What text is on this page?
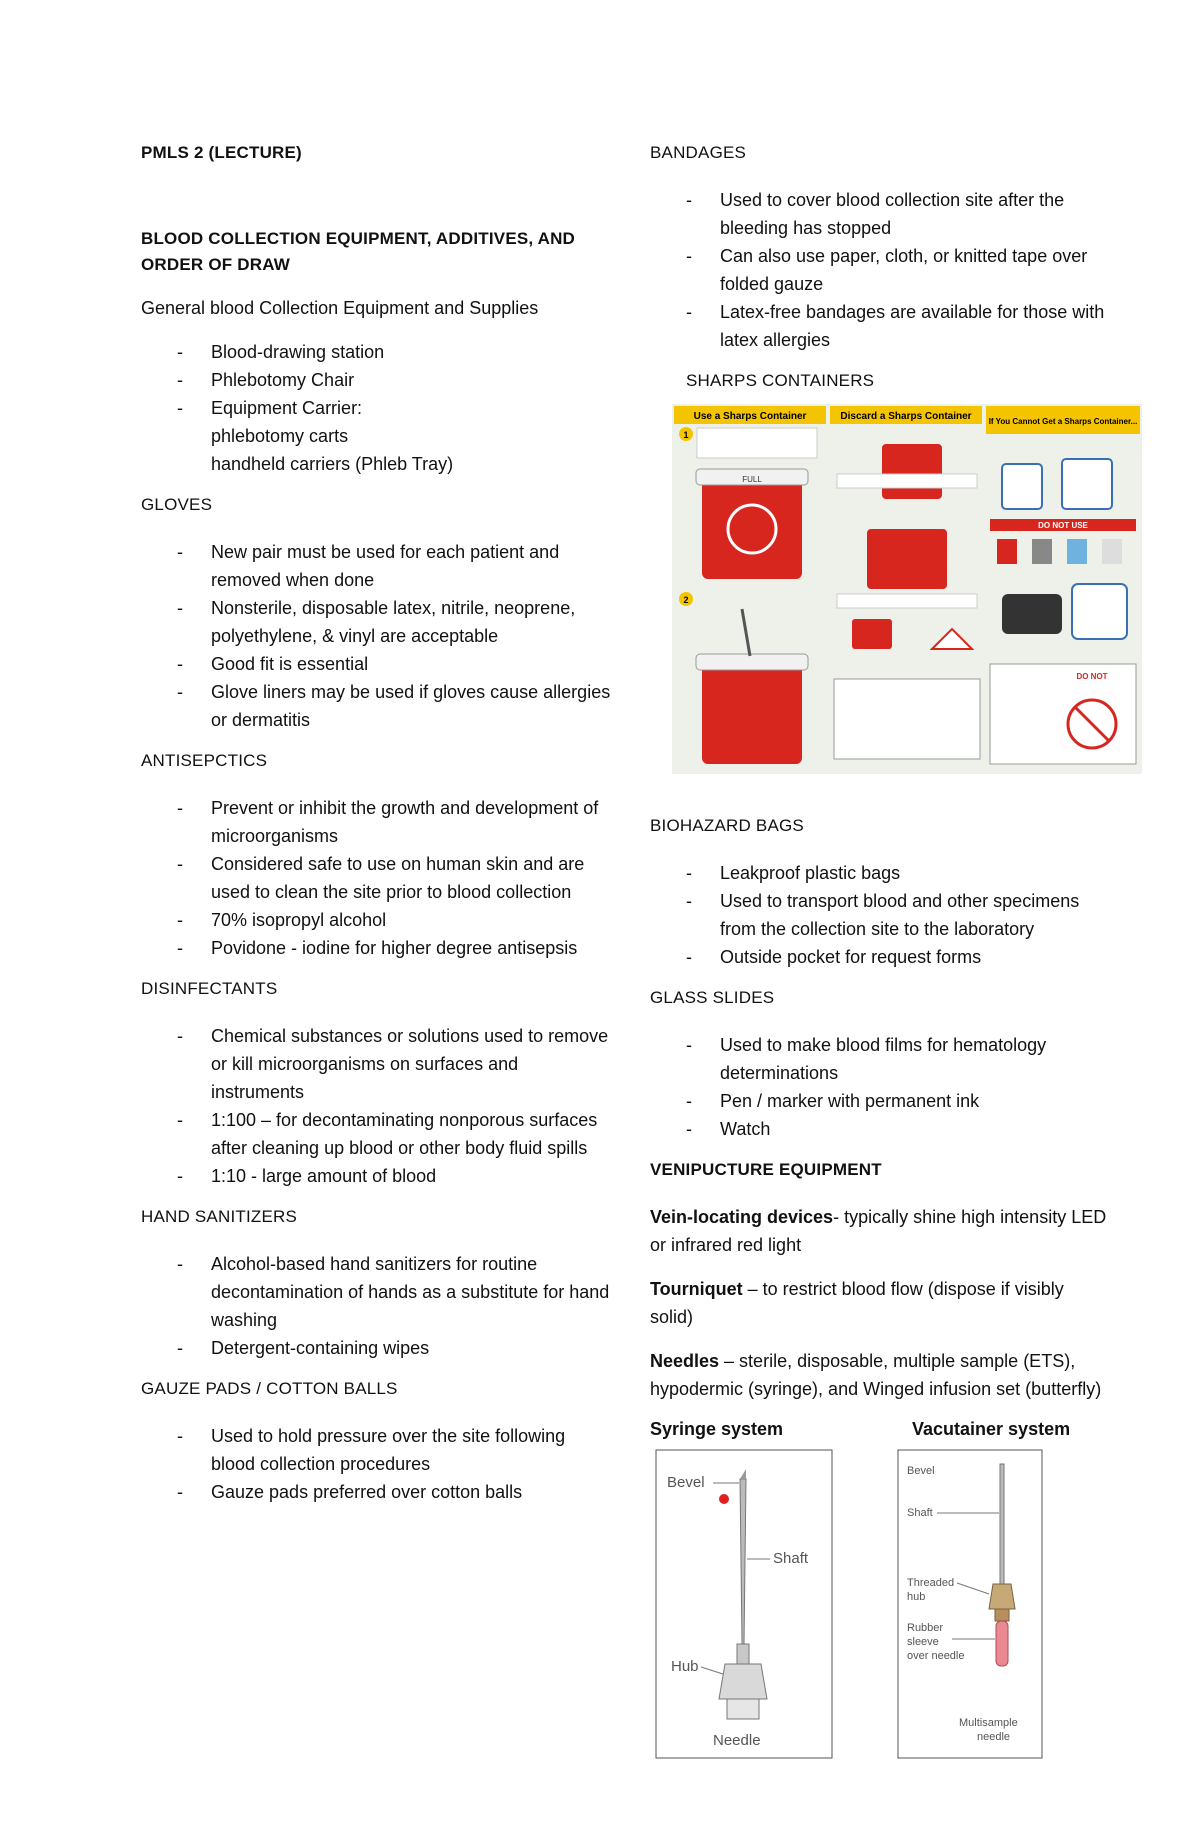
PMLS 2 (LECTURE)
BLOOD COLLECTION EQUIPMENT, ADDITIVES, AND ORDER OF DRAW
General blood Collection Equipment and Supplies
- Blood-drawing station
- Phlebotomy Chair
- Equipment Carrier:
phlebotomy carts
handheld carriers (Phleb Tray)
GLOVES
- New pair must be used for each patient and removed when done
- Nonsterile, disposable latex, nitrile, neoprene, polyethylene, & vinyl are acceptable
- Good fit is essential
- Glove liners may be used if gloves cause allergies or dermatitis
ANTISEPCTICS
- Prevent or inhibit the growth and development of microorganisms
- Considered safe to use on human skin and are used to clean the site prior to blood collection
- 70% isopropyl alcohol
- Povidone - iodine for higher degree antisepsis
DISINFECTANTS
- Chemical substances or solutions used to remove or kill microorganisms on surfaces and instruments
- 1:100 – for decontaminating nonporous surfaces after cleaning up blood or other body fluid spills
- 1:10 - large amount of blood
HAND SANITIZERS
- Alcohol-based hand sanitizers for routine decontamination of hands as a substitute for hand washing
- Detergent-containing wipes
GAUZE PADS / COTTON BALLS
- Used to hold pressure over the site following blood collection procedures
- Gauze pads preferred over cotton balls
BANDAGES
- Used to cover blood collection site after the bleeding has stopped
- Can also use paper, cloth, or knitted tape over folded gauze
- Latex-free bandages are available for those with latex allergies
SHARPS CONTAINERS
Use a Sharps Container
1
FULL
2
Discard a Sharps Container If You Cannot Get a Sharps Container...
DO NOT USE
DO NOT
BIOHAZARD BAGS
- Leakproof plastic bags
- Used to transport blood and other specimens from the collection site to the laboratory
- Outside pocket for request forms
GLASS SLIDES
- Used to make blood films for hematology determinations
- Pen / marker with permanent ink
- Watch
VENIPUCTURE EQUIPMENT
Vein-locating devices- typically shine high intensity LED or infrared red light
Tourniquet – to restrict blood flow (dispose if visibly solid)
Needles – sterile, disposable, multiple sample (ETS), hypodermic (syringe), and Winged infusion set (butterfly)
Syringe system	Vacutainer system
Bevel
Shaft
Hub
Needle
Bevel
Shaft
Threaded
hub
Rubber
sleeve
over needle
Multisample
needle
